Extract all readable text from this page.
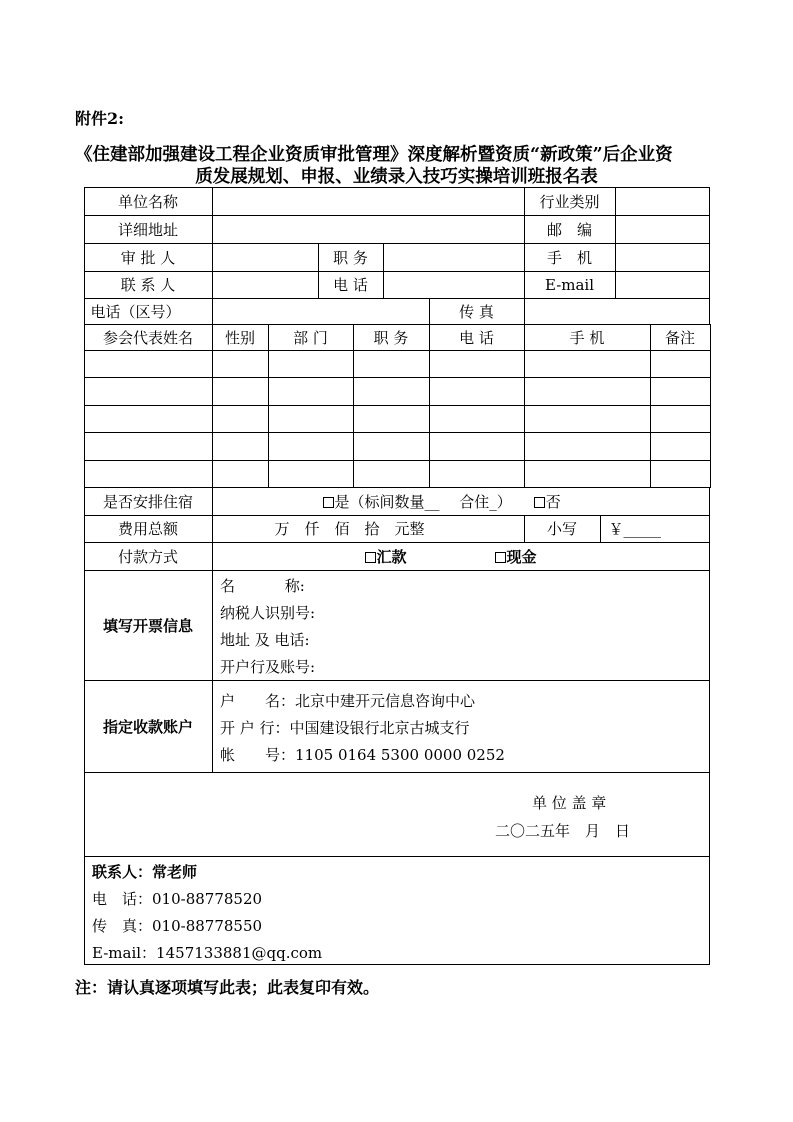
附件2:
《住建部加强建设工程企业资质审批管理》深度解析暨资质“新政策”后企业资
质发展规划、申报、业绩录入技巧实操培训班报名表
单位名称	行业类别
详细地址	邮　编
审 批 人	职 务	手　机
联 系 人	电 话	E-mail
电话（区号）	传 真
参会代表姓名	性别	部 门	职 务	电 话	手 机	备注
是否安排住宿	是（标间数量__　 合住_）	否
费用总额	万　仟　佰　拾　元整	小写	￥_____
付款方式	汇款	现金
填写开票信息
名　　　 称:
纳税人识别号:
地址 及 电话:
开户行及账号:
指定收款账户
户　　名：北京中建开元信息咨询中心
开 户 行：中国建设银行北京古城支行
帐　　号：1105 0164 5300 0000 0252
单 位 盖 章
二〇二五年　月　日
联系人：常老师
电　话：010-88778520
传　真：010-88778550
E-mail：1457133881@qq.com
注：请认真逐项填写此表；此表复印有效。
